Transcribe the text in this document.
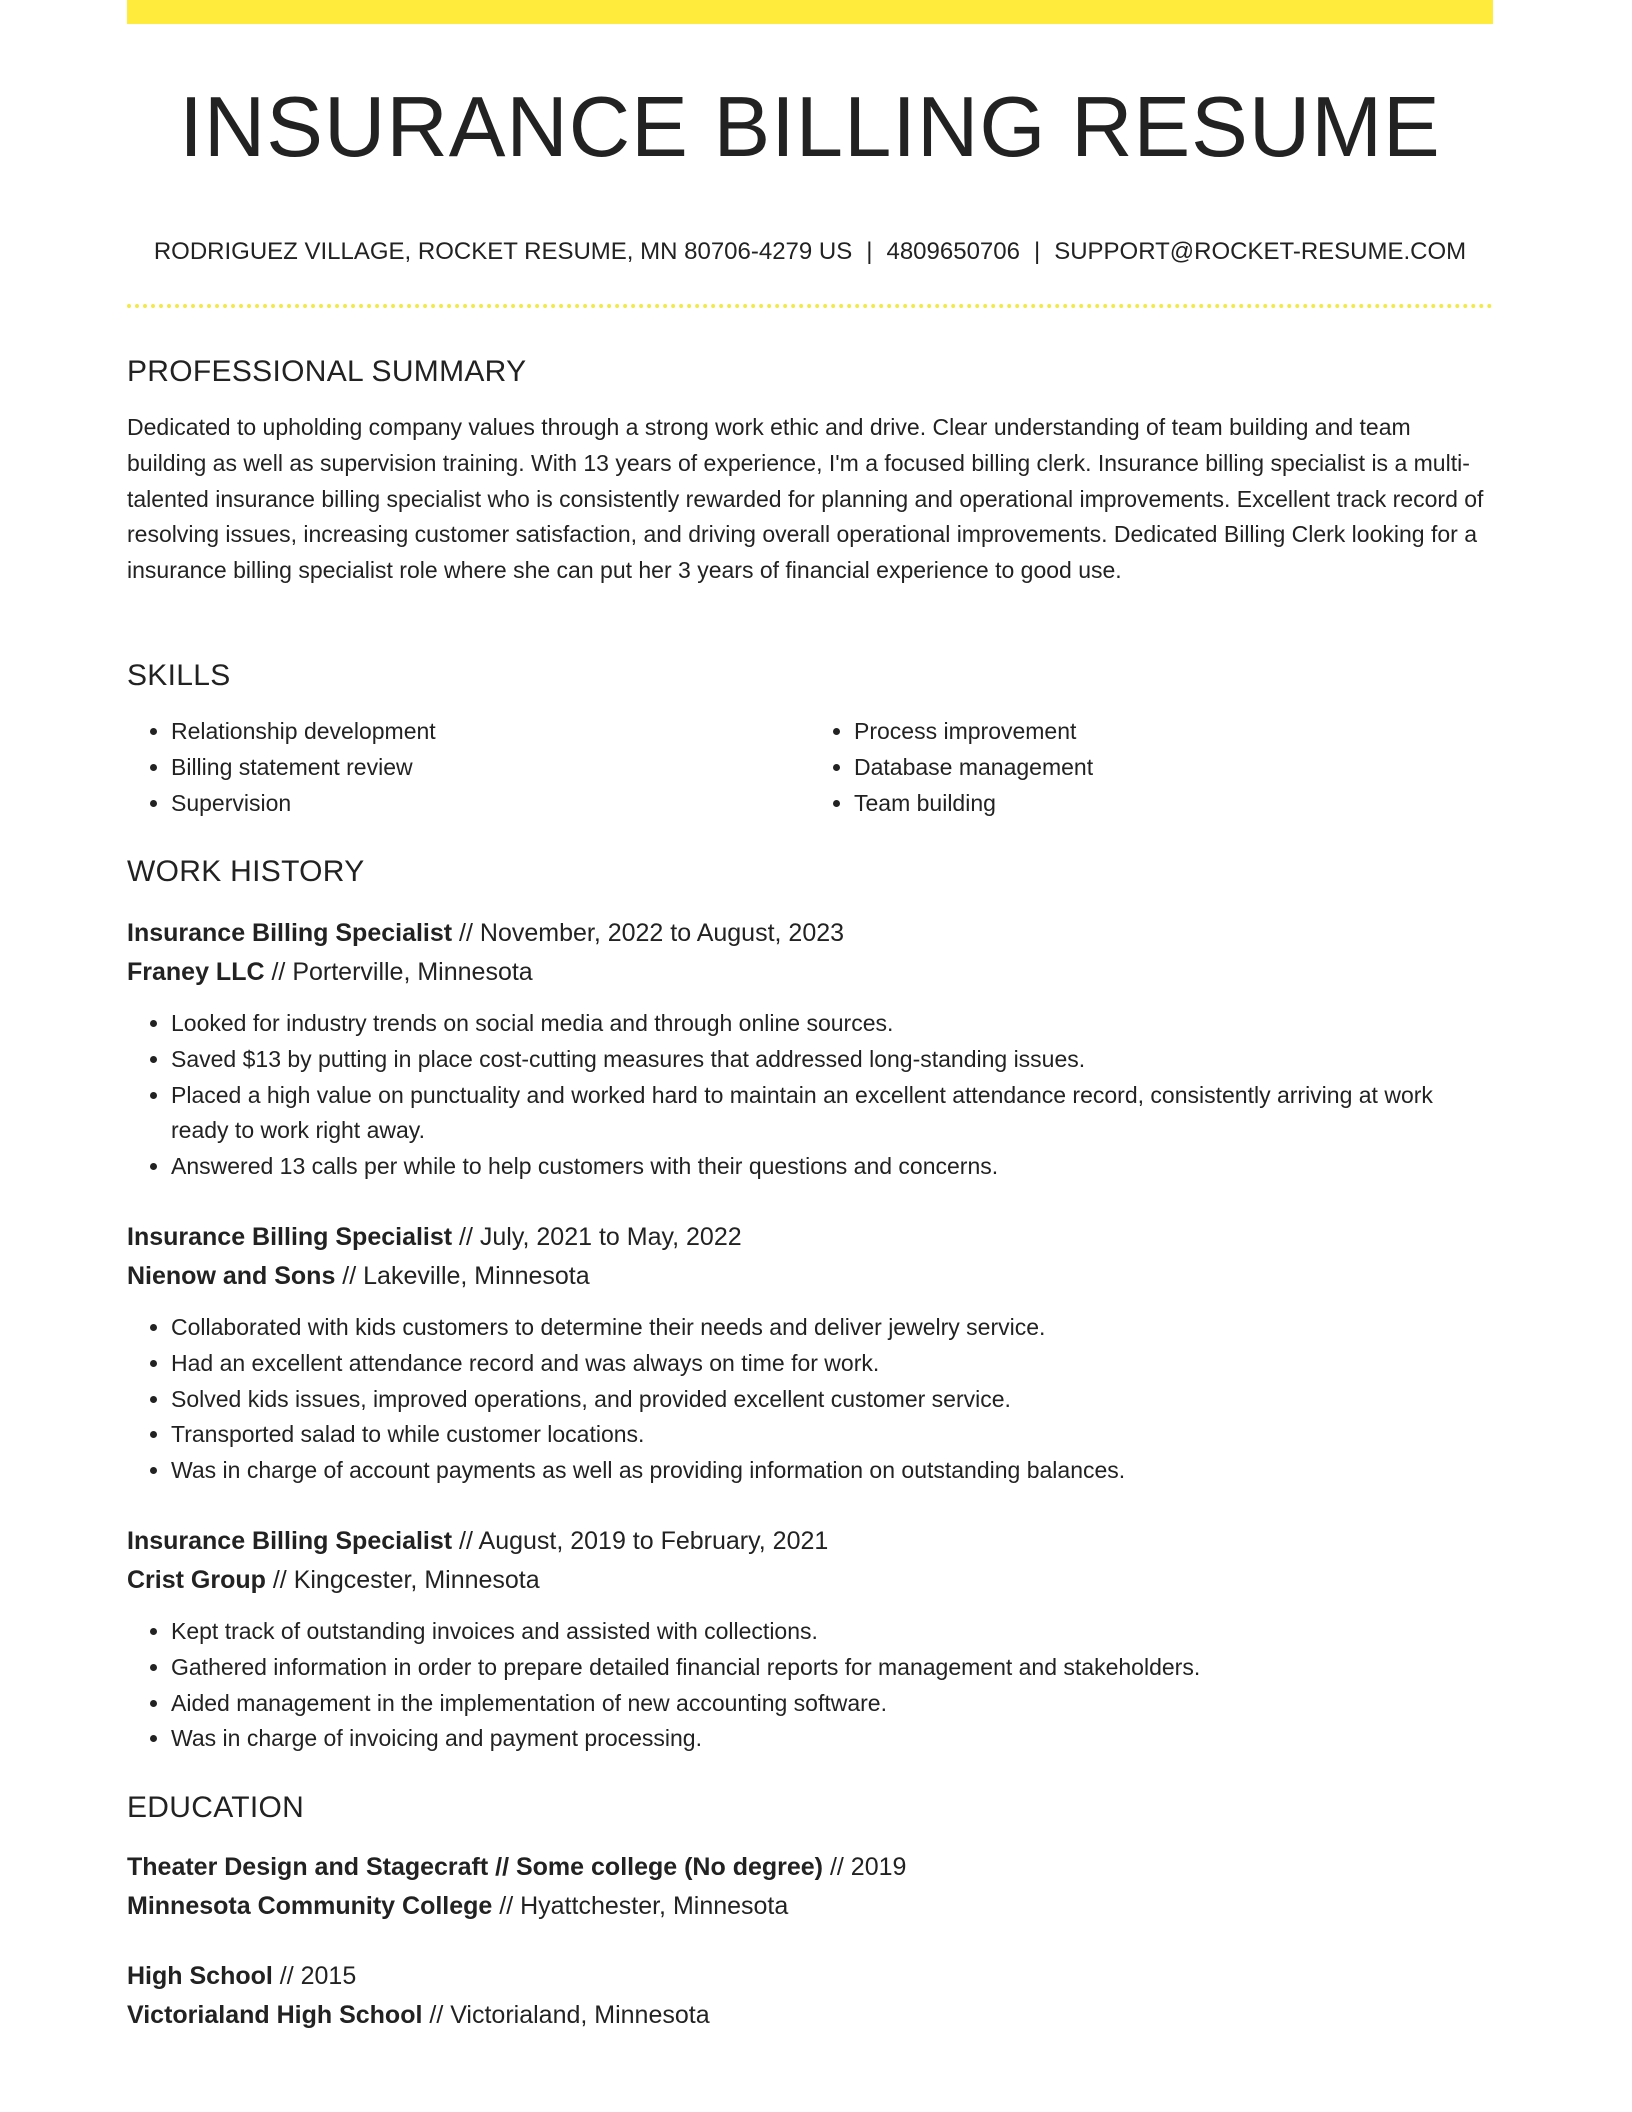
INSURANCE BILLING RESUME
RODRIGUEZ VILLAGE, ROCKET RESUME, MN 80706-4279 US | 4809650706 | SUPPORT@ROCKET-RESUME.COM
PROFESSIONAL SUMMARY

Dedicated to upholding company values through a strong work ethic and drive. Clear understanding of team building and team building as well as supervision training. With 13 years of experience, I'm a focused billing clerk. Insurance billing specialist is a multi-talented insurance billing specialist who is consistently rewarded for planning and operational improvements. Excellent track record of resolving issues, increasing customer satisfaction, and driving overall operational improvements. Dedicated Billing Clerk looking for a insurance billing specialist role where she can put her 3 years of financial experience to good use.

SKILLS
• Relationship development
• Billing statement review
• Supervision
• Process improvement
• Database management
• Team building
WORK HISTORY
Insurance Billing Specialist // November, 2022 to August, 2023
Franey LLC // Porterville, Minnesota
• Looked for industry trends on social media and through online sources.
• Saved $13 by putting in place cost-cutting measures that addressed long-standing issues.
• Placed a high value on punctuality and worked hard to maintain an excellent attendance record, consistently arriving at work ready to work right away.
• Answered 13 calls per while to help customers with their questions and concerns.
Insurance Billing Specialist // July, 2021 to May, 2022
Nienow and Sons // Lakeville, Minnesota
• Collaborated with kids customers to determine their needs and deliver jewelry service.
• Had an excellent attendance record and was always on time for work.
• Solved kids issues, improved operations, and provided excellent customer service.
• Transported salad to while customer locations.
• Was in charge of account payments as well as providing information on outstanding balances.
Insurance Billing Specialist // August, 2019 to February, 2021
Crist Group // Kingcester, Minnesota
• Kept track of outstanding invoices and assisted with collections.
• Gathered information in order to prepare detailed financial reports for management and stakeholders.
• Aided management in the implementation of new accounting software.
• Was in charge of invoicing and payment processing.
EDUCATION
Theater Design and Stagecraft // Some college (No degree) // 2019
Minnesota Community College // Hyattchester, Minnesota
High School // 2015
Victorialand High School // Victorialand, Minnesota
